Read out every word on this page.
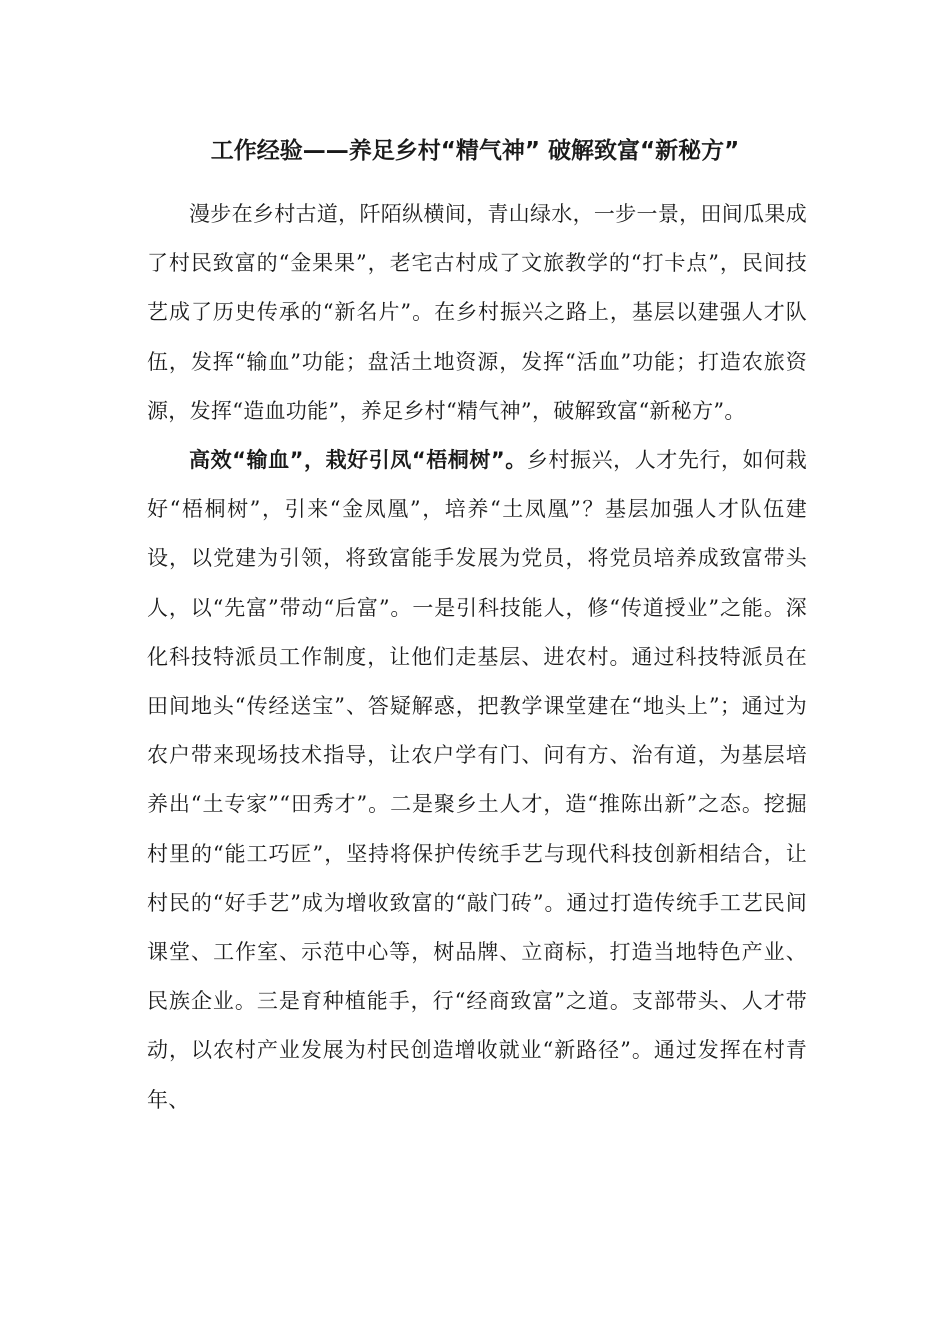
工作经验——养足乡村“精气神” 破解致富“新秘方”

漫步在乡村古道，阡陌纵横间，青山绿水，一步一景，田间瓜果成了村民致富的“金果果”，老宅古村成了文旅教学的“打卡点”，民间技艺成了历史传承的“新名片”。在乡村振兴之路上，基层以建强人才队伍，发挥“输血”功能；盘活土地资源，发挥“活血”功能；打造农旅资源，发挥“造血功能”，养足乡村“精气神”，破解致富“新秘方”。

高效“输血”，栽好引凤“梧桐树”。乡村振兴，人才先行，如何栽好“梧桐树”，引来“金凤凰”，培养“土凤凰”？基层加强人才队伍建设，以党建为引领，将致富能手发展为党员，将党员培养成致富带头人，以“先富”带动“后富”。一是引科技能人，修“传道授业”之能。深化科技特派员工作制度，让他们走基层、进农村。通过科技特派员在田间地头“传经送宝”、答疑解惑，把教学课堂建在“地头上”；通过为农户带来现场技术指导，让农户学有门、问有方、治有道，为基层培养出“土专家”“田秀才”。二是聚乡土人才，造“推陈出新”之态。挖掘村里的“能工巧匠”，坚持将保护传统手艺与现代科技创新相结合，让村民的“好手艺”成为增收致富的“敲门砖”。通过打造传统手工艺民间课堂、工作室、示范中心等，树品牌、立商标，打造当地特色产业、民族企业。三是育种植能手，行“经商致富”之道。支部带头、人才带动，以农村产业发展为村民创造增收就业“新路径”。通过发挥在村青年、
